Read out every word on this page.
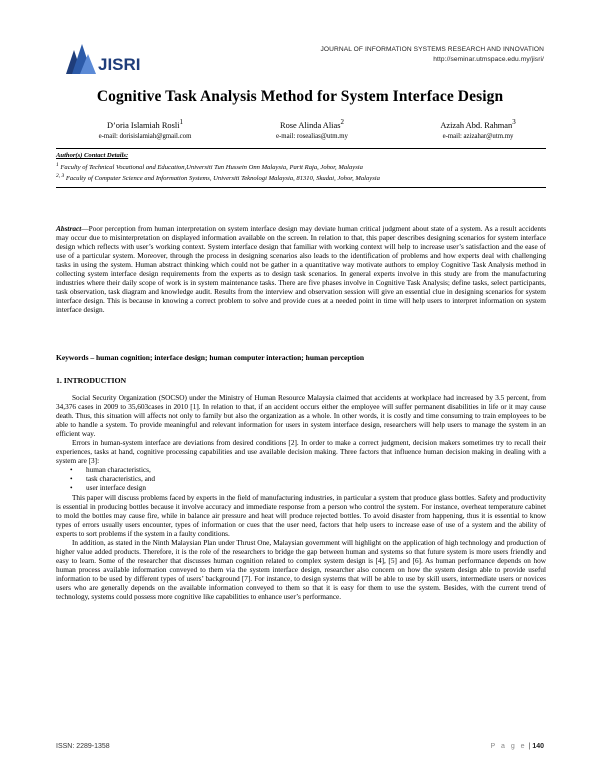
JISRI
JOURNAL OF INFORMATION SYSTEMS RESEARCH AND INNOVATION
http://seminar.utmspace.edu.my/jisri/
Cognitive Task Analysis Method for System Interface Design
D’oria Islamiah Rosli$^1$
e-mail: dorisislamiah@gmail.com
Rose Alinda Alias$^2$
e-mail: rosealias@utm.my
Azizah Abd. Rahman$^3$
e-mail: azizahar@utm.my
Author(s) Contact Details:
$^1$ Faculty of Technical Vocational and Education,Universiti Tun Hussein Onn Malaysia, Parit Raja, Johor, Malaysia
$^{2, 3}$ Faculty of Computer Science and Information Systems, Universiti Teknologi Malaysia, 81310, Skudai, Johor, Malaysia
Abstract—Poor perception from human interpretation on system interface design may deviate human critical judgment about state of a system. As a result accidents may occur due to misinterpretation on displayed information available on the screen. In relation to that, this paper describes designing scenarios for system interface design which reflects with user’s working context. System interface design that familiar with working context will help to increase user’s satisfaction and the ease of use of a particular system. Moreover, through the process in designing scenarios also leads to the identification of problems and how experts deal with challenging tasks in using the system. Human abstract thinking which could not be gather in a quantitative way motivate authors to employ Cognitive Task Analysis method in collecting system interface design requirements from the experts as to design task scenarios. In general experts involve in this study are from the manufacturing industries where their daily scope of work is in system maintenance tasks. There are five phases involve in Cognitive Task Analysis; define tasks, select participants, task observation, task diagram and knowledge audit. Results from the interview and observation session will give an essential clue in designing scenarios for system interface design. This is because in knowing a correct problem to solve and provide cues at a needed point in time will help users to interpret information on system interface design.
Keywords – human cognition; interface design; human computer interaction; human perception
1. INTRODUCTION

Social Security Organization (SOCSO) under the Ministry of Human Resource Malaysia claimed that accidents at workplace had increased by 3.5 percent, from 34,376 cases in 2009 to 35,603cases in 2010 [1]. In relation to that, if an accident occurs either the employee will suffer permanent disabilities in life or it may cause death. Thus, this situation will affects not only to family but also the organization as a whole. In other words, it is costly and time consuming to train employees to be able to handle a system. To provide meaningful and relevant information for users in system interface design, researchers will help users to manage the system in an efficient way.

Errors in human-system interface are deviations from desired conditions [2]. In order to make a correct judgment, decision makers sometimes try to recall their experiences, tasks at hand, cognitive processing capabilities and use available decision making. Three factors that influence human decision making in dealing with a system are [3]:

• human characteristics,
• task characteristics, and
• user interface design

This paper will discuss problems faced by experts in the field of manufacturing industries, in particular a system that produce glass bottles. Safety and productivity is essential in producing bottles because it involve accuracy and immediate response from a person who control the system. For instance, overheat temperature cabinet to mold the bottles may cause fire, while in balance air pressure and heat will produce rejected bottles. To avoid disaster from happening, thus it is essential to know types of errors usually users encounter, types of information or cues that the user need, factors that help users to increase ease of use of a system and the ability of experts to sort problems if the system in a faulty conditions.

In addition, as stated in the Ninth Malaysian Plan under Thrust One, Malaysian government will highlight on the application of high technology and production of higher value added products. Therefore, it is the role of the researchers to bridge the gap between human and systems so that future system is more users friendly and easy to learn. Some of the researcher that discusses human cognition related to complex system design is [4], [5] and [6]. As human performance depends on how human process available information conveyed to them via the system interface design, researcher also concern on how the system design able to provide useful information to be used by different types of users’ background [7]. For instance, to design systems that will be able to use by skill users, intermediate users or novices users who are generally depends on the available information conveyed to them so that it is easy for them to use the system. Besides, with the current trend of technology, systems could possess more cognitive like capabilities to enhance user’s performance.

ISSN: 2289-1358	P a g e | 140
